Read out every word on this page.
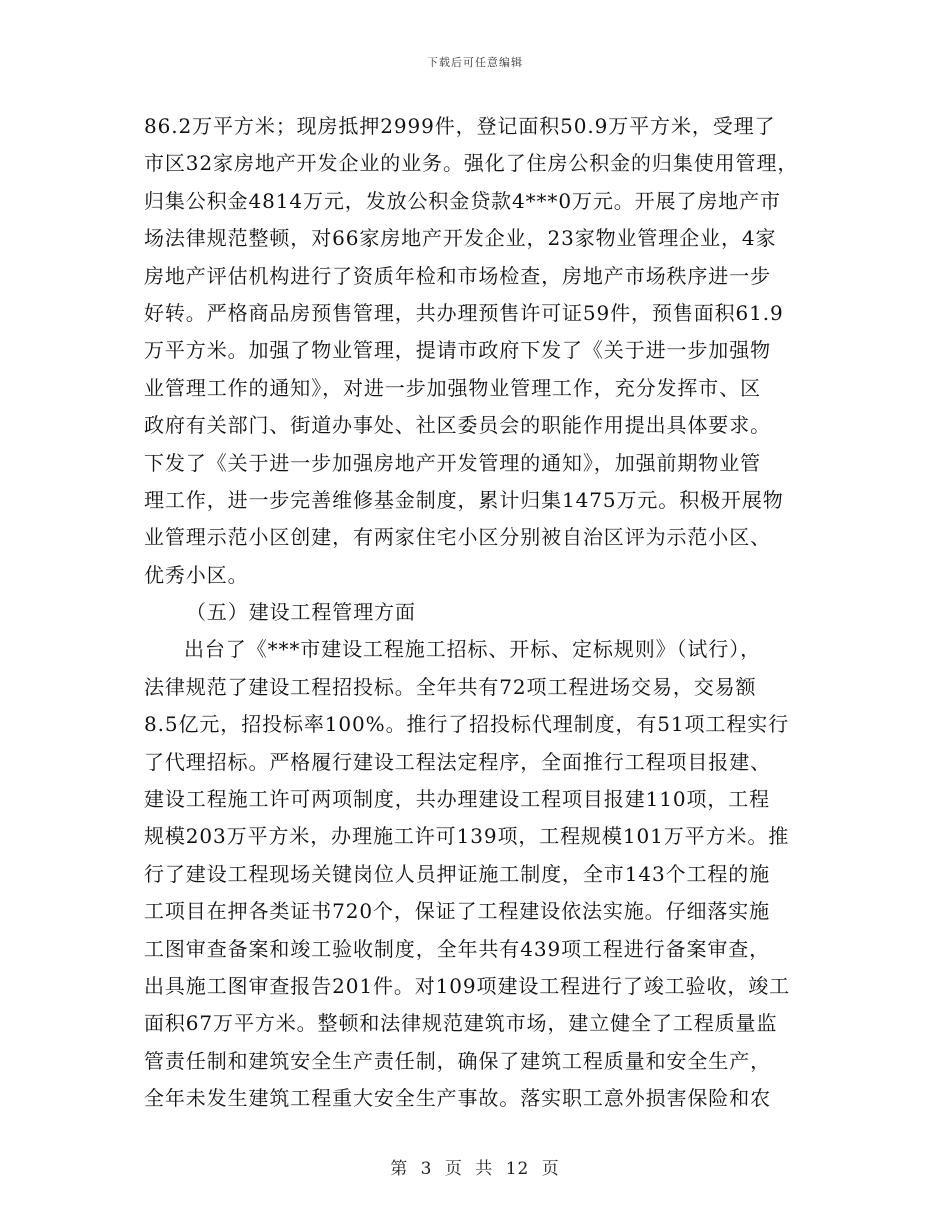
下载后可任意编辑
86.2万平方米；现房抵押2999件，登记面积50.9万平方米，受理了
市区32家房地产开发企业的业务。强化了住房公积金的归集使用管理，
归集公积金4814万元，发放公积金贷款4***0万元。开展了房地产市
场法律规范整顿，对66家房地产开发企业，23家物业管理企业，4家
房地产评估机构进行了资质年检和市场检查，房地产市场秩序进一步
好转。严格商品房预售管理，共办理预售许可证59件，预售面积61.9
万平方米。加强了物业管理，提请市政府下发了《关于进一步加强物
业管理工作的通知》，对进一步加强物业管理工作，充分发挥市、区
政府有关部门、街道办事处、社区委员会的职能作用提出具体要求。
下发了《关于进一步加强房地产开发管理的通知》，加强前期物业管
理工作，进一步完善维修基金制度，累计归集1475万元。积极开展物
业管理示范小区创建，有两家住宅小区分别被自治区评为示范小区、
优秀小区。
（五）建设工程管理方面
出台了《***市建设工程施工招标、开标、定标规则》（试行），
法律规范了建设工程招投标。全年共有72项工程进场交易，交易额
8.5亿元，招投标率100%。推行了招投标代理制度，有51项工程实行
了代理招标。严格履行建设工程法定程序，全面推行工程项目报建、
建设工程施工许可两项制度，共办理建设工程项目报建110项，工程
规模203万平方米，办理施工许可139项，工程规模101万平方米。推
行了建设工程现场关键岗位人员押证施工制度，全市143个工程的施
工项目在押各类证书720个，保证了工程建设依法实施。仔细落实施
工图审查备案和竣工验收制度，全年共有439项工程进行备案审查，
出具施工图审查报告201件。对109项建设工程进行了竣工验收，竣工
面积67万平方米。整顿和法律规范建筑市场，建立健全了工程质量监
管责任制和建筑安全生产责任制，确保了建筑工程质量和安全生产，
全年未发生建筑工程重大安全生产事故。落实职工意外损害保险和农
第 3 页 共 12 页
